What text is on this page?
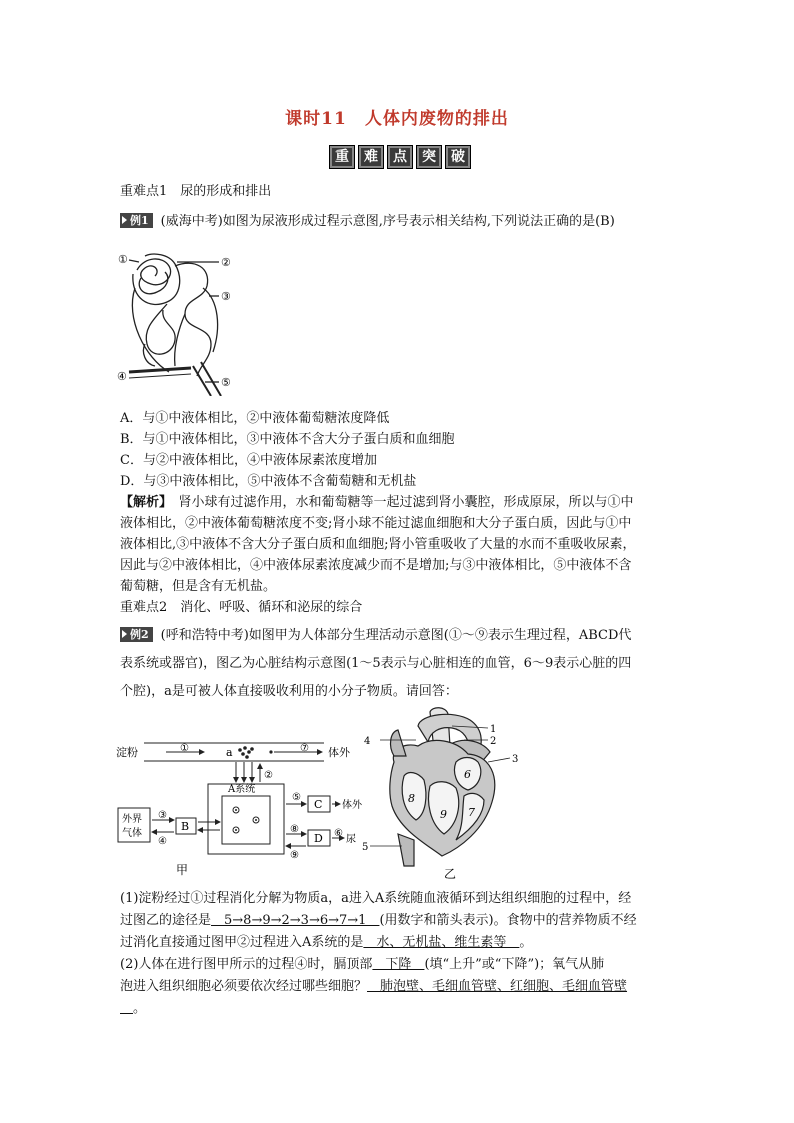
课时11　人体内废物的排出
重	难	点	突	破
重难点1　尿的形成和排出
例1 (威海中考)如图为尿液形成过程示意图,序号表示相关结构,下列说法正确的是(B)
①	②
③
④	⑤
A．与①中液体相比，②中液体葡萄糖浓度降低
B．与①中液体相比，③中液体不含大分子蛋白质和血细胞
C．与②中液体相比，④中液体尿素浓度增加
D．与③中液体相比，⑤中液体不含葡萄糖和无机盐
【解析】　 肾小球有过滤作用，水和葡萄糖等一起过滤到肾小囊腔，形成原尿，所以与①中
液体相比，②中液体葡萄糖浓度不变;肾小球不能过滤血细胞和大分子蛋白质，因此与①中
液体相比,③中液体不含大分子蛋白质和血细胞;肾小管重吸收了大量的水而不重吸收尿素，
因此与②中液体相比，④中液体尿素浓度减少而不是增加;与③中液体相比，⑤中液体不含
葡萄糖，但是含有无机盐。
重难点2　消化、呼吸、循环和泌尿的综合
例2 (呼和浩特中考)如图甲为人体部分生理活动示意图(①～⑨表示生理过程，ABCD代
表系统或器官)，图乙为心脏结构示意图(1～5表示与心脏相连的血管，6～9表示心脏的四
个腔)，a是可被人体直接吸收利用的小分子物质。请回答：
淀粉	a	体外
①	⑦
②
A系统
外界
气体
③
④
B
C
D
⑤
⑧
⑨
体外
⑥
尿
甲
4
1
2
3
5
6
7
8
9
乙
(1)淀粉经过①过程消化分解为物质a，a进入A系统随血液循环到达组织细胞的过程中，经
过图乙的途径是　5→8→9→2→3→6→7→1　(用数字和箭头表示)。食物中的营养物质不经
过消化直接通过图甲②过程进入A系统的是　水、无机盐、维生素等　。
(2)人体在进行图甲所示的过程④时，膈顶部　下降　(填“上升”或“下降”)；氧气从肺
泡进入组织细胞必须要依次经过哪些细胞？　肺泡壁、毛细血管壁、红细胞、毛细血管壁
　。
